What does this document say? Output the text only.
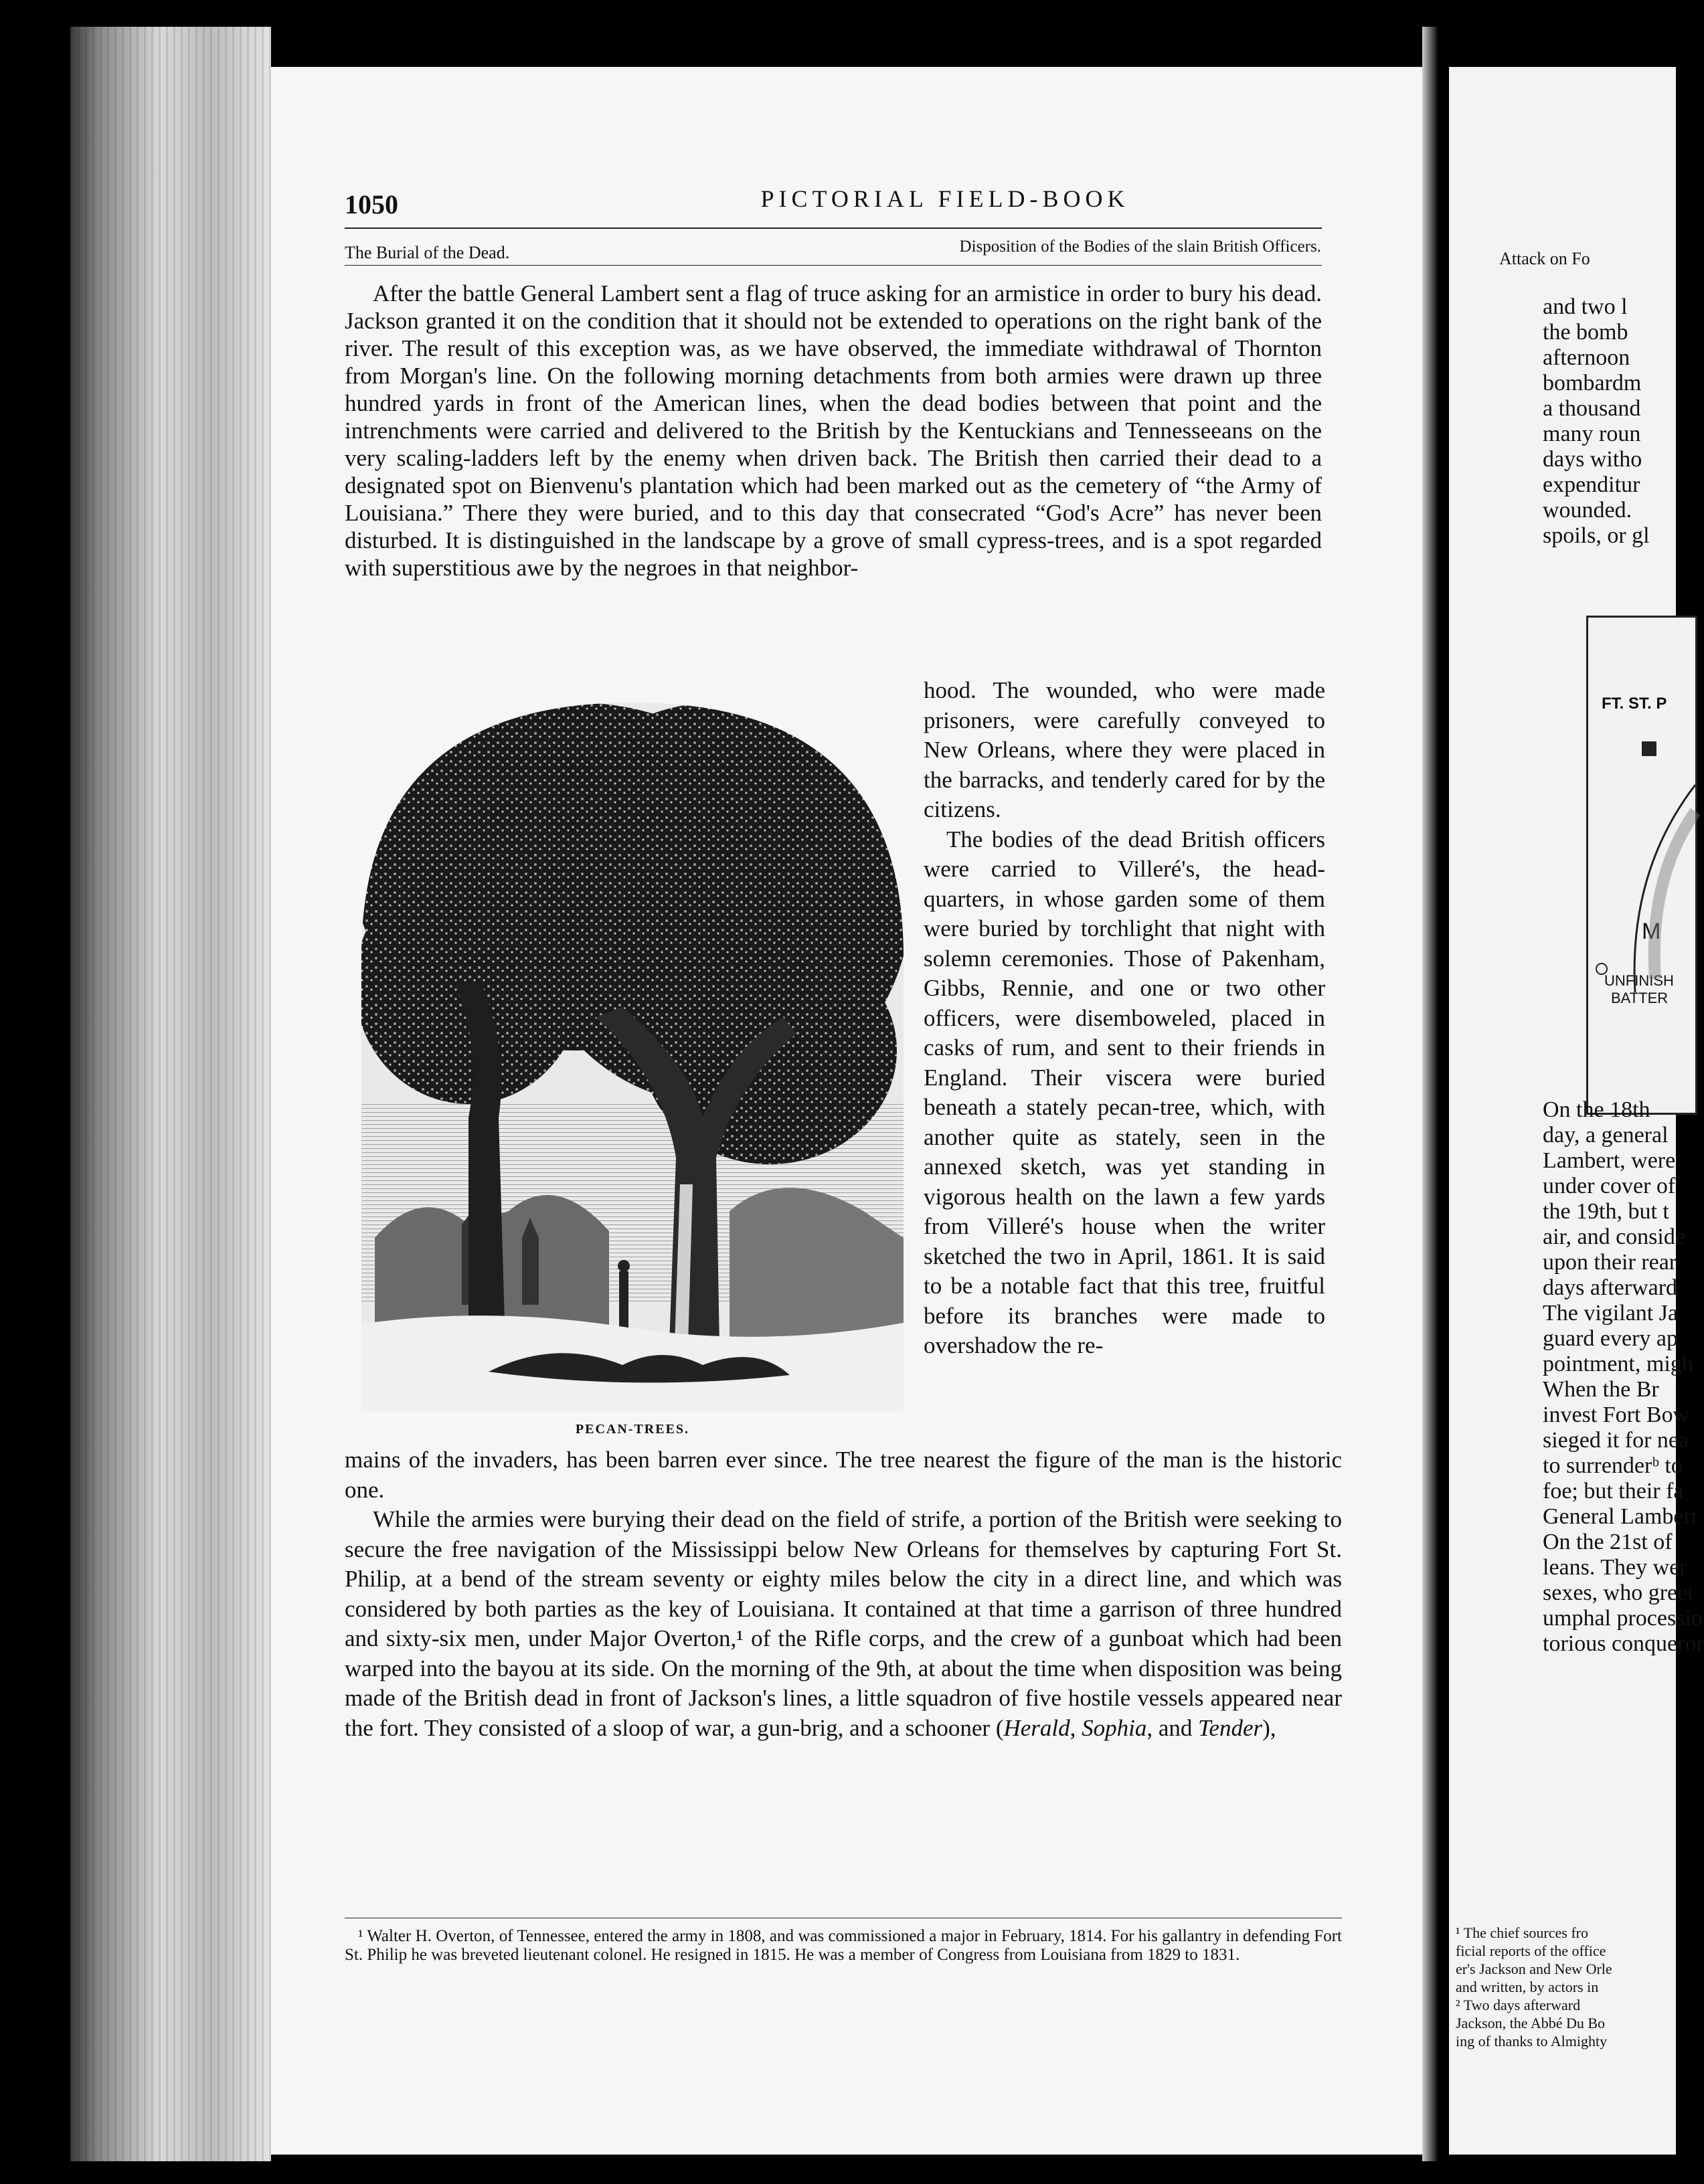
1050	PICTORIAL FIELD-BOOK
The Burial of the Dead.	Disposition of the Bodies of the slain British Officers.

After the battle General Lambert sent a flag of truce asking for an armistice in order to bury his dead. Jackson granted it on the condition that it should not be extended to operations on the right bank of the river. The result of this exception was, as we have observed, the immediate withdrawal of Thornton from Morgan's line. On the following morning detachments from both armies were drawn up three hundred yards in front of the American lines, when the dead bodies between that point and the intrenchments were carried and delivered to the British by the Kentuckians and Tennesseeans on the very scaling-ladders left by the enemy when driven back. The British then carried their dead to a designated spot on Bienvenu's plantation which had been marked out as the cemetery of “the Army of Louisiana.” There they were buried, and to this day that consecrated “God's Acre” has never been disturbed. It is distinguished in the landscape by a grove of small cypress-trees, and is a spot regarded with superstitious awe by the negroes in that neighbor-

PECAN-TREES.

hood. The wounded, who were made prisoners, were carefully conveyed to New Orleans, where they were placed in the barracks, and tenderly cared for by the citizens.

The bodies of the dead British officers were carried to Villeré's, the head-quarters, in whose garden some of them were buried by torchlight that night with solemn ceremonies. Those of Pakenham, Gibbs, Rennie, and one or two other officers, were disemboweled, placed in casks of rum, and sent to their friends in England. Their viscera were buried beneath a stately pecan-tree, which, with another quite as stately, seen in the annexed sketch, was yet standing in vigorous health on the lawn a few yards from Villeré's house when the writer sketched the two in April, 1861. It is said to be a notable fact that this tree, fruitful before its branches were made to overshadow the re-

mains of the invaders, has been barren ever since. The tree nearest the figure of the man is the historic one.

While the armies were burying their dead on the field of strife, a portion of the British were seeking to secure the free navigation of the Mississippi below New Orleans for themselves by capturing Fort St. Philip, at a bend of the stream seventy or eighty miles below the city in a direct line, and which was considered by both parties as the key of Louisiana. It contained at that time a garrison of three hundred and sixty-six men, under Major Overton,¹ of the Rifle corps, and the crew of a gunboat which had been warped into the bayou at its side. On the morning of the 9th, at about the time when disposition was being made of the British dead in front of Jackson's lines, a little squadron of five hostile vessels appeared near the fort. They consisted of a sloop of war, a gun-brig, and a schooner (Herald, Sophia, and Tender),

¹ Walter H. Overton, of Tennessee, entered the army in 1808, and was commissioned a major in February, 1814. For his gallantry in defending Fort St. Philip he was breveted lieutenant colonel. He resigned in 1815. He was a member of Congress from Louisiana from 1829 to 1831.

Attack on Fo
and two l
the bomb
afternoon
bombardm
a thousand
many roun
days witho
expenditur
wounded.
spoils, or gl
FT. ST. P
M
UNFINISH
BATTER
On the 18th
day, a general
Lambert, were
under cover of
the 19th, but t
air, and conside
upon their rear
days afterward
The vigilant Ja
guard every ap
pointment, migh
When the Br
invest Fort Bow
sieged it for nea
to surrenderᵇ to
foe; but their fa
General Lambert
On the 21st of
leans. They wer
sexes, who greet
umphal processio
torious conqueror
¹ The chief sources fro
ficial reports of the office
er's Jackson and New Orle
and written, by actors in
² Two days afterward
Jackson, the Abbé Du Bo
ing of thanks to Almighty
